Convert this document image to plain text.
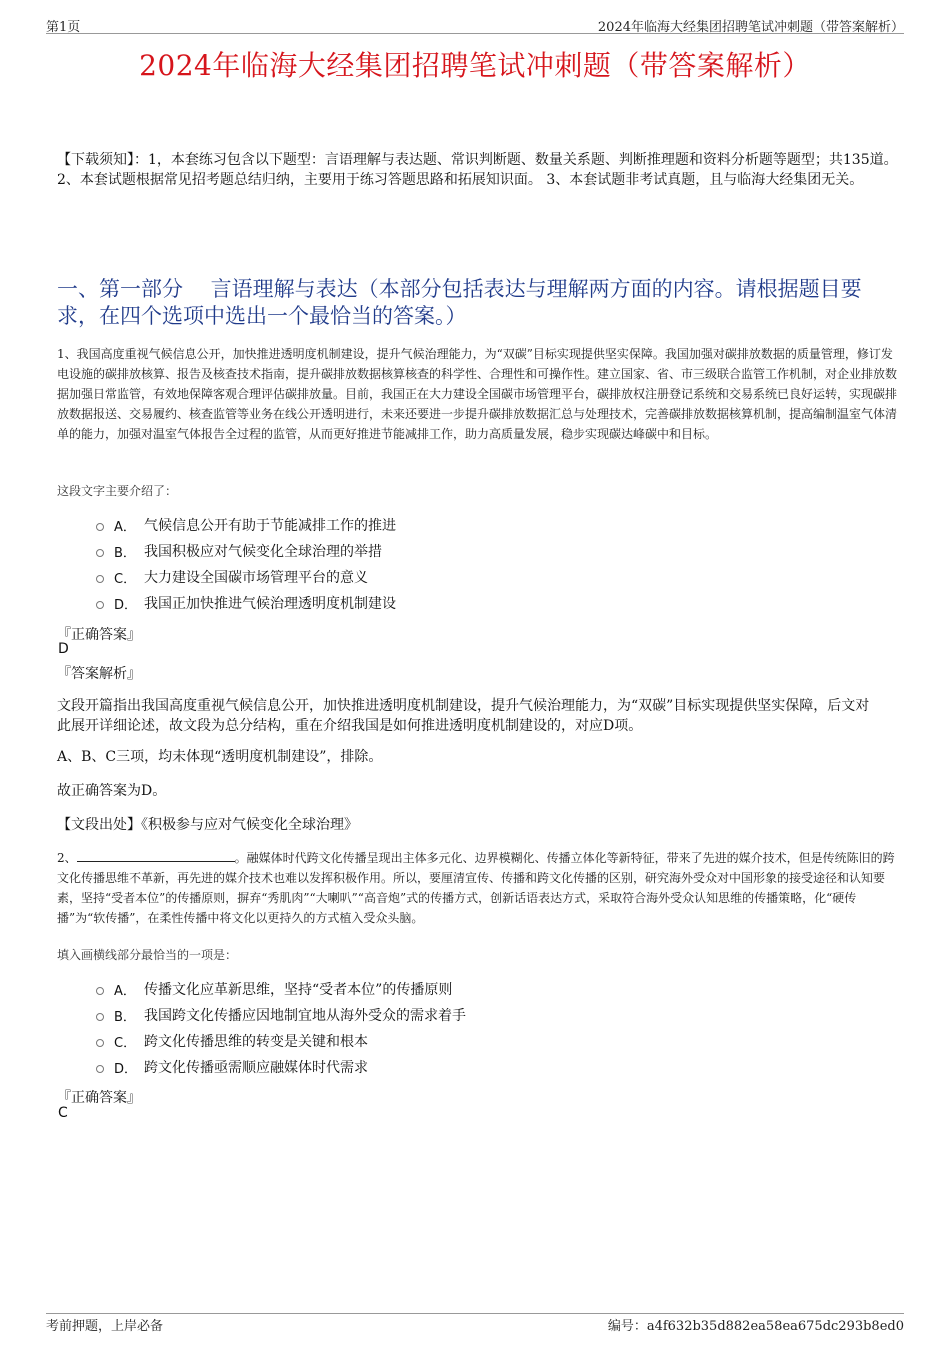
第1页	2024年临海大经集团招聘笔试冲刺题（带答案解析）
2024年临海大经集团招聘笔试冲刺题（带答案解析）
【下载须知】：1，本套练习包含以下题型：言语理解与表达题、常识判断题、数量关系题、判断推理题和资料分析题等题型；共135道。 2、本套试题根据常见招考题总结归纳，主要用于练习答题思路和拓展知识面。 3、本套试题非考试真题，且与临海大经集团无关。
一、第一部分　 言语理解与表达（本部分包括表达与理解两方面的内容。请根据题目要求，在四个选项中选出一个最恰当的答案。）
1、我国高度重视气候信息公开，加快推进透明度机制建设，提升气候治理能力，为“双碳”目标实现提供坚实保障。我国加强对碳排放数据的质量管理，修订发电设施的碳排放核算、报告及核查技术指南，提升碳排放数据核算核查的科学性、合理性和可操作性。建立国家、省、市三级联合监管工作机制，对企业排放数据加强日常监管，有效地保障客观合理评估碳排放量。目前，我国正在大力建设全国碳市场管理平台，碳排放权注册登记系统和交易系统已良好运转，实现碳排放数据报送、交易履约、核查监管等业务在线公开透明进行，未来还要进一步提升碳排放数据汇总与处理技术，完善碳排放数据核算机制，提高编制温室气体清单的能力，加强对温室气体报告全过程的监管，从而更好推进节能减排工作，助力高质量发展，稳步实现碳达峰碳中和目标。
这段文字主要介绍了：
A． 气候信息公开有助于节能减排工作的推进
B． 我国积极应对气候变化全球治理的举措
C． 大力建设全国碳市场管理平台的意义
D． 我国正加快推进气候治理透明度机制建设
『正确答案』
D
『答案解析』
文段开篇指出我国高度重视气候信息公开，加快推进透明度机制建设，提升气候治理能力，为“双碳”目标实现提供坚实保障，后文对此展开详细论述，故文段为总分结构，重在介绍我国是如何推进透明度机制建设的，对应D项。
A、B、C三项，均未体现“透明度机制建设”，排除。
故正确答案为D。
【文段出处】《积极参与应对气候变化全球治理》
2、	。融媒体时代跨文化传播呈现出主体多元化、边界模糊化、传播立体化等新特征，带来了先进的媒介技术，但是传统陈旧的跨文化传播思维不革新，再先进的媒介技术也难以发挥积极作用。所以，要厘清宣传、传播和跨文化传播的区别，研究海外受众对中国形象的接受途径和认知要素，坚持“受者本位”的传播原则，摒弃“秀肌肉”“大喇叭”“高音炮”式的传播方式，创新话语表达方式，采取符合海外受众认知思维的传播策略，化“硬传播”为“软传播”，在柔性传播中将文化以更持久的方式植入受众头脑。
填入画横线部分最恰当的一项是：
A． 传播文化应革新思维，坚持“受者本位”的传播原则
B． 我国跨文化传播应因地制宜地从海外受众的需求着手
C． 跨文化传播思维的转变是关键和根本
D． 跨文化传播亟需顺应融媒体时代需求
『正确答案』
C
考前押题，上岸必备	编号：a4f632b35d882ea58ea675dc293b8ed0
